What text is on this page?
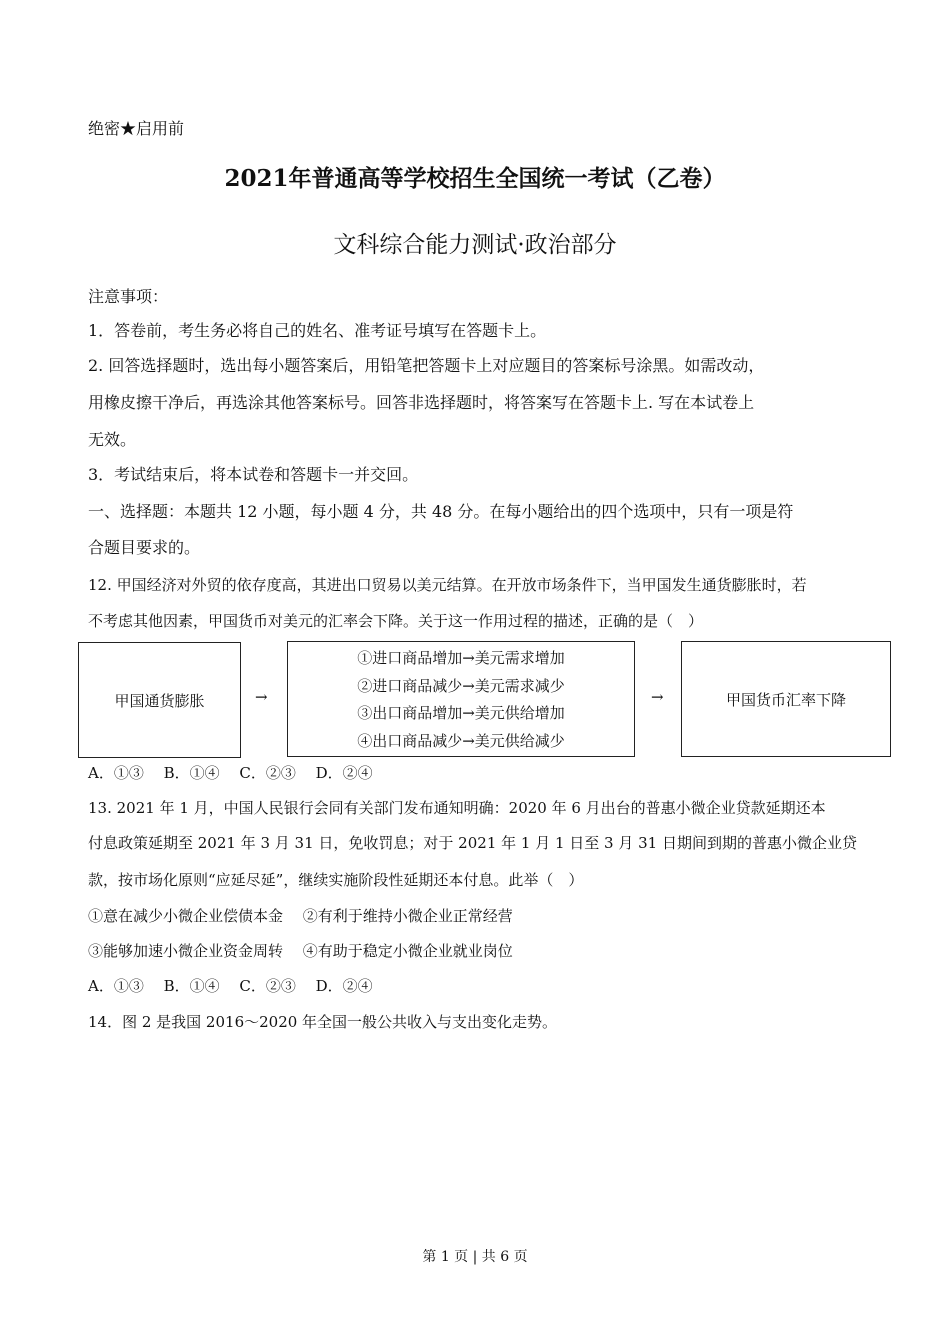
绝密★启用前
2021年普通高等学校招生全国统一考试（乙卷）
文科综合能力测试·政治部分
注意事项：
1．答卷前，考生务必将自己的姓名、准考证号填写在答题卡上。
2. 回答选择题时，选出每小题答案后，用铅笔把答题卡上对应题目的答案标号涂黑。如需改动，
用橡皮擦干净后，再选涂其他答案标号。回答非选择题时，将答案写在答题卡上. 写在本试卷上
无效。
3．考试结束后，将本试卷和答题卡一并交回。
一、选择题：本题共 12 小题，每小题 4 分，共 48 分。在每小题给出的四个选项中，只有一项是符
合题目要求的。
12. 甲国经济对外贸的依存度高，其进出口贸易以美元结算。在开放市场条件下，当甲国发生通货膨胀时，若
不考虑其他因素，甲国货币对美元的汇率会下降。关于这一作用过程的描述，正确的是（　）
甲国通货膨胀	→
①进口商品增加→美元需求增加
②进口商品减少→美元需求减少
③出口商品增加→美元供给增加
④出口商品减少→美元供给减少
→	甲国货币汇率下降
A．①③　 B．①④　 C．②③　 D．②④
13. 2021 年 1 月，中国人民银行会同有关部门发布通知明确：2020 年 6 月出台的普惠小微企业贷款延期还本
付息政策延期至 2021 年 3 月 31 日，免收罚息；对于 2021 年 1 月 1 日至 3 月 31 日期间到期的普惠小微企业贷
款，按市场化原则“应延尽延”，继续实施阶段性延期还本付息。此举（　）
①意在减少小微企业偿债本金　 ②有利于维持小微企业正常经营
③能够加速小微企业资金周转　 ④有助于稳定小微企业就业岗位
A．①③　 B．①④　 C．②③　 D．②④
14．图 2 是我国 2016～2020 年全国一般公共收入与支出变化走势。
第 1 页 | 共 6 页
